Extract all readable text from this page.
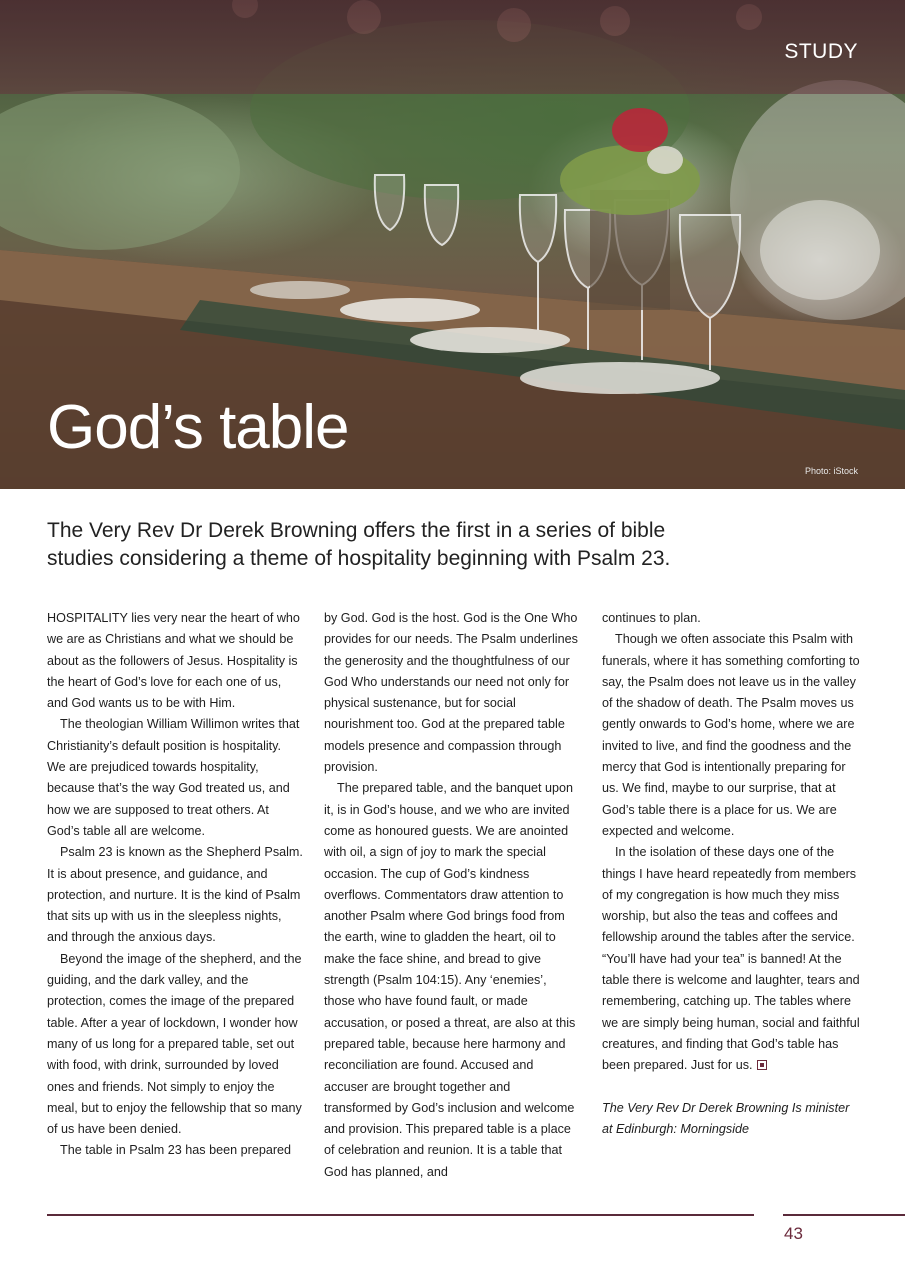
STUDY
God’s table
Photo: iStock
The Very Rev Dr Derek Browning offers the first in a series of bible studies considering a theme of hospitality beginning with Psalm 23.

HOSPITALITY lies very near the heart of who we are as Christians and what we should be about as the followers of Jesus. Hospitality is the heart of God’s love for each one of us, and God wants us to be with Him.

The theologian William Willimon writes that Christianity’s default position is hospitality. We are prejudiced towards hospitality, because that’s the way God treated us, and how we are supposed to treat others. At God’s table all are welcome.

Psalm 23 is known as the Shepherd Psalm. It is about presence, and guidance, and protection, and nurture. It is the kind of Psalm that sits up with us in the sleepless nights, and through the anxious days.

Beyond the image of the shepherd, and the guiding, and the dark valley, and the protection, comes the image of the prepared table. After a year of lockdown, I wonder how many of us long for a prepared table, set out with food, with drink, surrounded by loved ones and friends. Not simply to enjoy the meal, but to enjoy the fellowship that so many of us have been denied.

The table in Psalm 23 has been prepared

by God. God is the host. God is the One Who provides for our needs. The Psalm underlines the generosity and the thoughtfulness of our God Who understands our need not only for physical sustenance, but for social nourishment too. God at the prepared table models presence and compassion through provision.

The prepared table, and the banquet upon it, is in God’s house, and we who are invited come as honoured guests. We are anointed with oil, a sign of joy to mark the special occasion. The cup of God’s kindness overflows. Commentators draw attention to another Psalm where God brings food from the earth, wine to gladden the heart, oil to make the face shine, and bread to give strength (Psalm 104:15). Any ‘enemies’, those who have found fault, or made accusation, or posed a threat, are also at this prepared table, because here harmony and reconciliation are found. Accused and accuser are brought together and transformed by God’s inclusion and welcome and provision. This prepared table is a place of celebration and reunion. It is a table that God has planned, and

continues to plan.

Though we often associate this Psalm with funerals, where it has something comforting to say, the Psalm does not leave us in the valley of the shadow of death. The Psalm moves us gently onwards to God’s home, where we are invited to live, and find the goodness and the mercy that God is intentionally preparing for us. We find, maybe to our surprise, that at God’s table there is a place for us. We are expected and welcome.

In the isolation of these days one of the things I have heard repeatedly from members of my congregation is how much they miss worship, but also the teas and coffees and fellowship around the tables after the service. “You’ll have had your tea” is banned! At the table there is welcome and laughter, tears and remembering, catching up. The tables where we are simply being human, social and faithful creatures, and finding that God’s table has been prepared. Just for us.

The Very Rev Dr Derek Browning Is minister at Edinburgh: Morningside

43
